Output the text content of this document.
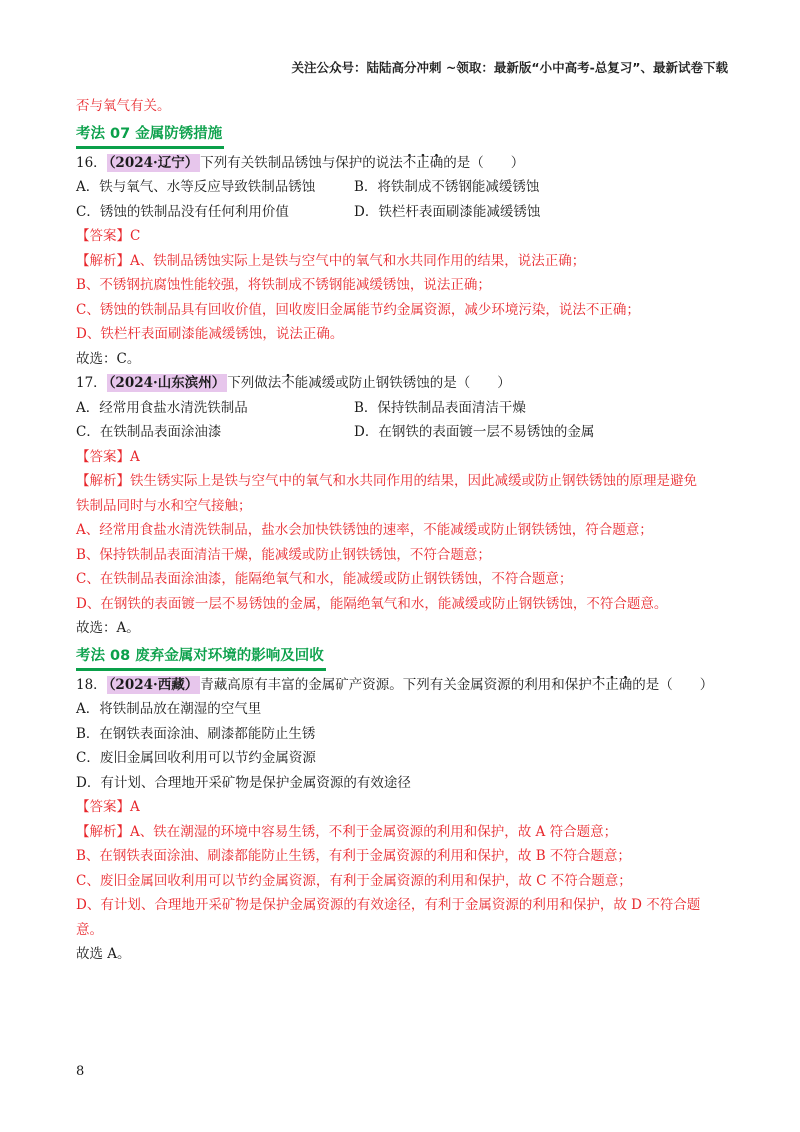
关注公众号：陆陆高分冲刺 ~领取：最新版“小中高考-总复习”、最新试卷下载
否与氧气有关。
考法 07 金属防锈措施
16． （2024·辽宁） 下列有关铁制品锈蚀与保护的说法不正确的是（　　）
A．铁与氧气、水等反应导致铁制品锈蚀	B．将铁制成不锈钢能减缓锈蚀
C．锈蚀的铁制品没有任何利用价值	D．铁栏杆表面刷漆能减缓锈蚀
【答案】C
【解析】A、铁制品锈蚀实际上是铁与空气中的氧气和水共同作用的结果，说法正确；
B、不锈钢抗腐蚀性能较强，将铁制成不锈钢能减缓锈蚀，说法正确；
C、锈蚀的铁制品具有回收价值，回收废旧金属能节约金属资源，减少环境污染，说法不正确；
D、铁栏杆表面刷漆能减缓锈蚀，说法正确。
故选：C。
17． （2024·山东滨州） 下列做法不能减缓或防止钢铁锈蚀的是（　　）
A．经常用食盐水清洗铁制品	B．保持铁制品表面清洁干燥
C．在铁制品表面涂油漆	D．在钢铁的表面镀一层不易锈蚀的金属
【答案】A
【解析】铁生锈实际上是铁与空气中的氧气和水共同作用的结果，因此减缓或防止钢铁锈蚀的原理是避免
铁制品同时与水和空气接触；
A、经常用食盐水清洗铁制品，盐水会加快铁锈蚀的速率，不能减缓或防止钢铁锈蚀，符合题意；
B、保持铁制品表面清洁干燥，能减缓或防止钢铁锈蚀，不符合题意；
C、在铁制品表面涂油漆，能隔绝氧气和水，能减缓或防止钢铁锈蚀，不符合题意；
D、在钢铁的表面镀一层不易锈蚀的金属，能隔绝氧气和水，能减缓或防止钢铁锈蚀，不符合题意。
故选：A。
考法 08 废弃金属对环境的影响及回收
18． （2024·西藏） 青藏高原有丰富的金属矿产资源。下列有关金属资源的利用和保护不正确的是（　　）
A．将铁制品放在潮湿的空气里
B．在钢铁表面涂油、刷漆都能防止生锈
C．废旧金属回收利用可以节约金属资源
D．有计划、合理地开采矿物是保护金属资源的有效途径
【答案】A
【解析】A、铁在潮湿的环境中容易生锈，不利于金属资源的利用和保护，故 A 符合题意；
B、在钢铁表面涂油、刷漆都能防止生锈，有利于金属资源的利用和保护，故 B 不符合题意；
C、废旧金属回收利用可以节约金属资源，有利于金属资源的利用和保护，故 C 不符合题意；
D、有计划、合理地开采矿物是保护金属资源的有效途径，有利于金属资源的利用和保护，故 D 不符合题
意。
故选 A。
8
